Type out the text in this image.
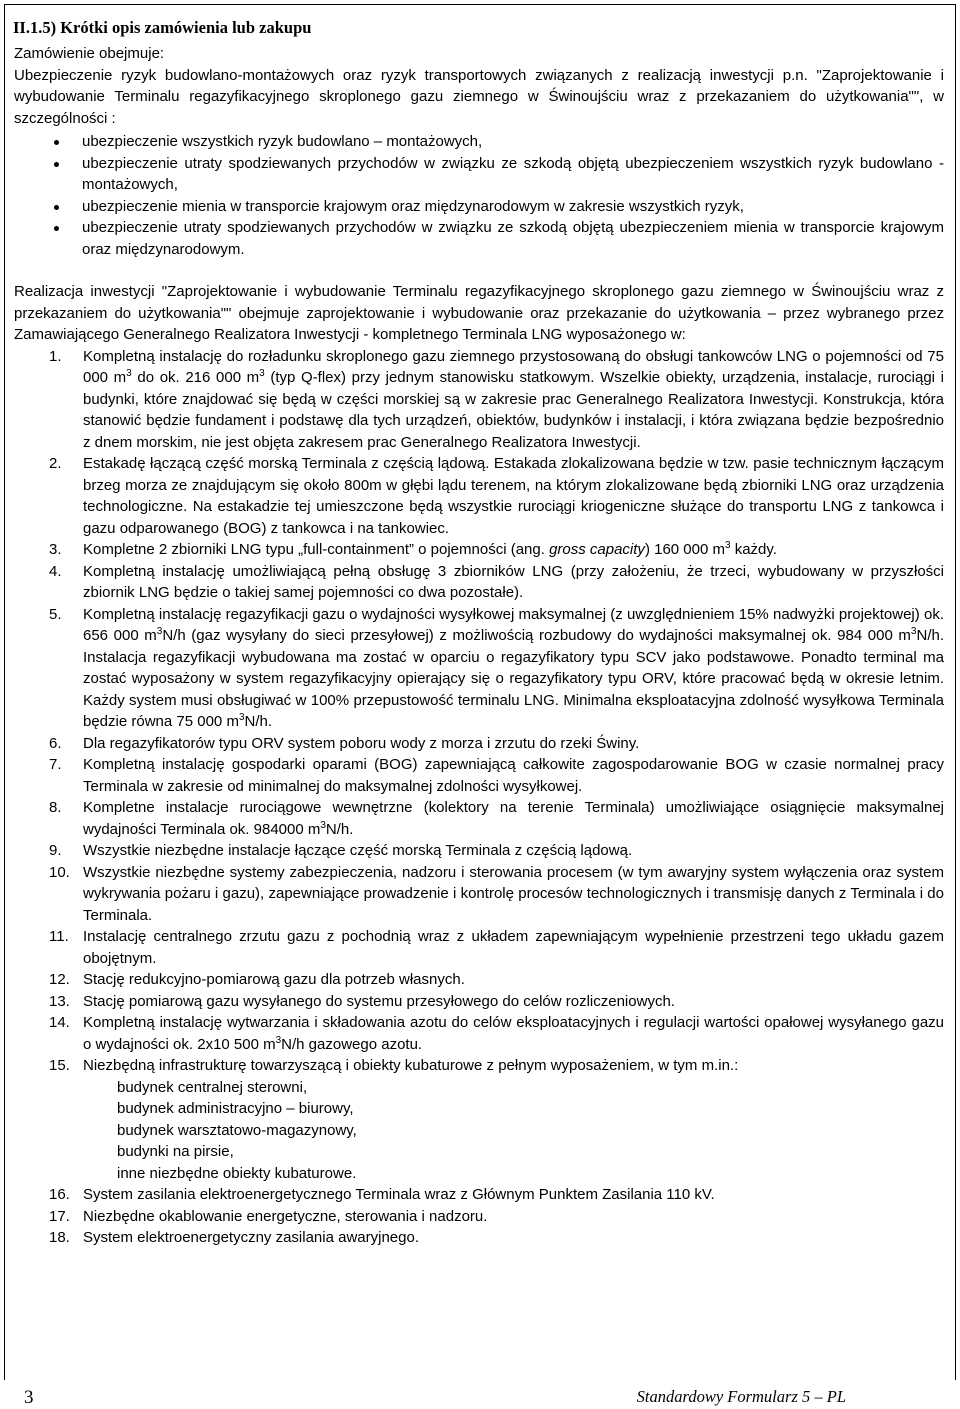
II.1.5) Krótki opis zamówienia lub zakupu

Zamówienie obejmuje:

Ubezpieczenie ryzyk budowlano-montażowych oraz ryzyk transportowych związanych z realizacją inwestycji p.n. "Zaprojektowanie i wybudowanie Terminalu regazyfikacyjnego skroplonego gazu ziemnego w Świnoujściu wraz z przekazaniem do użytkowania"", w szczególności :

ubezpieczenie wszystkich ryzyk budowlano – montażowych,
ubezpieczenie utraty spodziewanych przychodów w związku ze szkodą objętą ubezpieczeniem wszystkich ryzyk budowlano - montażowych,
ubezpieczenie mienia w transporcie krajowym oraz międzynarodowym w zakresie wszystkich ryzyk,
ubezpieczenie utraty spodziewanych przychodów w związku ze szkodą objętą ubezpieczeniem mienia w transporcie krajowym oraz międzynarodowym.

Realizacja inwestycji "Zaprojektowanie i wybudowanie Terminalu regazyfikacyjnego skroplonego gazu ziemnego w Świnoujściu wraz z przekazaniem do użytkowania"" obejmuje zaprojektowanie i wybudowanie oraz przekazanie do użytkowania – przez wybranego przez Zamawiającego Generalnego Realizatora Inwestycji - kompletnego Terminala LNG wyposażonego w:

1.	Kompletną instalację do rozładunku skroplonego gazu ziemnego przystosowaną do obsługi tankowców LNG o pojemności od 75 000 $m^3$ do ok. 216 000 $m^3$ (typ Q-flex) przy jednym stanowisku statkowym. Wszelkie obiekty, urządzenia, instalacje, rurociągi i budynki, które znajdować się będą w części morskiej są w zakresie prac Generalnego Realizatora Inwestycji. Konstrukcja, która stanowić będzie fundament i podstawę dla tych urządzeń, obiektów, budynków i instalacji, i która związana będzie bezpośrednio z dnem morskim, nie jest objęta zakresem prac Generalnego Realizatora Inwestycji.
2.	Estakadę łączącą część morską Terminala z częścią lądową. Estakada zlokalizowana będzie w tzw. pasie technicznym łączącym brzeg morza ze znajdującym się około 800m w głębi lądu terenem, na którym zlokalizowane będą zbiorniki LNG oraz urządzenia technologiczne. Na estakadzie tej umieszczone będą wszystkie rurociągi kriogeniczne służące do transportu LNG z tankowca i gazu odparowanego (BOG) z tankowca i na tankowiec.
3.	Kompletne 2 zbiorniki LNG typu „full-containment” o pojemności (ang. gross capacity) 160 000 $m^3$ każdy.
4.	Kompletną instalację umożliwiającą pełną obsługę 3 zbiorników LNG (przy założeniu, że trzeci, wybudowany w przyszłości zbiornik LNG będzie o takiej samej pojemności co dwa pozostałe).
5.	Kompletną instalację regazyfikacji gazu o wydajności wysyłkowej maksymalnej (z uwzględnieniem 15% nadwyżki projektowej) ok. 656 000 $m^3N/h$ (gaz wysyłany do sieci przesyłowej) z możliwością rozbudowy do wydajności maksymalnej ok. 984 000 $m^3N/h$. Instalacja regazyfikacji wybudowana ma zostać w oparciu o regazyfikatory typu SCV jako podstawowe. Ponadto terminal ma zostać wyposażony w system regazyfikacyjny opierający się o regazyfikatory typu ORV, które pracować będą w okresie letnim. Każdy system musi obsługiwać w 100% przepustowość terminalu LNG. Minimalna eksploatacyjna zdolność wysyłkowa Terminala będzie równa 75 000 $m^3N/h$.
6.	Dla regazyfikatorów typu ORV system poboru wody z morza i zrzutu do rzeki Świny.
7.	Kompletną instalację gospodarki oparami (BOG) zapewniającą całkowite zagospodarowanie BOG w czasie normalnej pracy Terminala w zakresie od minimalnej do maksymalnej zdolności wysyłkowej.
8.	Kompletne instalacje rurociągowe wewnętrzne (kolektory na terenie Terminala) umożliwiające osiągnięcie maksymalnej wydajności Terminala ok. 984000 $m^3N/h$.
9.	Wszystkie niezbędne instalacje łączące część morską Terminala z częścią lądową.
10. Wszystkie niezbędne systemy zabezpieczenia, nadzoru i sterowania procesem (w tym awaryjny system wyłączenia oraz system wykrywania pożaru i gazu), zapewniające prowadzenie i kontrolę procesów technologicznych i transmisję danych z Terminala i do Terminala.
11. Instalację centralnego zrzutu gazu z pochodnią wraz z układem zapewniającym wypełnienie przestrzeni tego układu gazem obojętnym.
12. Stację redukcyjno-pomiarową gazu dla potrzeb własnych.
13. Stację pomiarową gazu wysyłanego do systemu przesyłowego do celów rozliczeniowych.
14. Kompletną instalację wytwarzania i składowania azotu do celów eksploatacyjnych i regulacji wartości opałowej wysyłanego gazu o wydajności ok. 2x10 500 $m^3N/h$ gazowego azotu.
15. Niezbędną infrastrukturę towarzyszącą i obiekty kubaturowe z pełnym wyposażeniem, w tym m.in.:
budynek centralnej sterowni,
budynek administracyjno – biurowy,
budynek warsztatowo-magazynowy,
budynki na pirsie,
inne niezbędne obiekty kubaturowe.
16. System zasilania elektroenergetycznego Terminala wraz z Głównym Punktem Zasilania 110 kV.
17. Niezbędne okablowanie energetyczne, sterowania i nadzoru.
18. System elektroenergetyczny zasilania awaryjnego.
3	Standardowy Formularz 5 – PL
